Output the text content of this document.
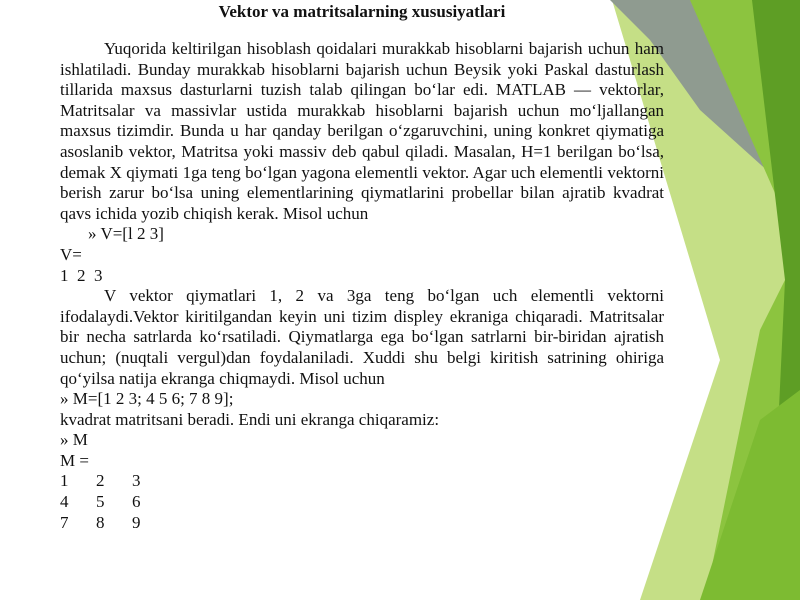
Vektor va matritsalarning xususiyatlari

Yuqorida keltirilgan hisoblash qoidalari murakkab hisoblarni bajarish uchun ham ishlatiladi. Bunday murakkab hisoblarni bajarish uchun Beysik yoki Paskal dasturlash tillarida maxsus dasturlarni tuzish talab qilingan bo‘lar edi. MATLAB — vektorlar, Matritsalar va massivlar ustida murakkab hisoblarni bajarish uchun mo‘ljallangan maxsus tizimdir. Bunda u har qanday berilgan o‘zgaruvchini, uning konkret qiymatiga asoslanib vektor, Matritsa yoki massiv deb qabul qiladi. Masalan, H=1 berilgan bo‘lsa, demak X qiymati 1ga teng bo‘lgan yagona elementli vektor. Agar uch elementli vektorni berish zarur bo‘lsa uning elementlarining qiymatlarini probellar bilan ajratib kvadrat qavs ichida yozib chiqish kerak. Misol uchun

» V=[l 2 3]

V=

1  2  3

V vektor qiymatlari 1, 2 va 3ga teng bo‘lgan uch elementli vektorni ifodalaydi.Vektor kiritilgandan keyin uni tizim displey ekraniga chiqaradi. Matritsalar bir necha satrlarda ko‘rsatiladi. Qiymatlarga ega bo‘lgan satrlarni bir-biridan ajratish uchun; (nuqtali vergul)dan foydalaniladi. Xuddi shu belgi kiritish satrining ohiriga qo‘yilsa natija ekranga chiqmaydi. Misol uchun

» M=[1 2 3; 4 5 6; 7 8 9];

kvadrat matritsani beradi. Endi uni ekranga chiqaramiz:

» M

M =

1	2	3
4	5	6
7	8	9
